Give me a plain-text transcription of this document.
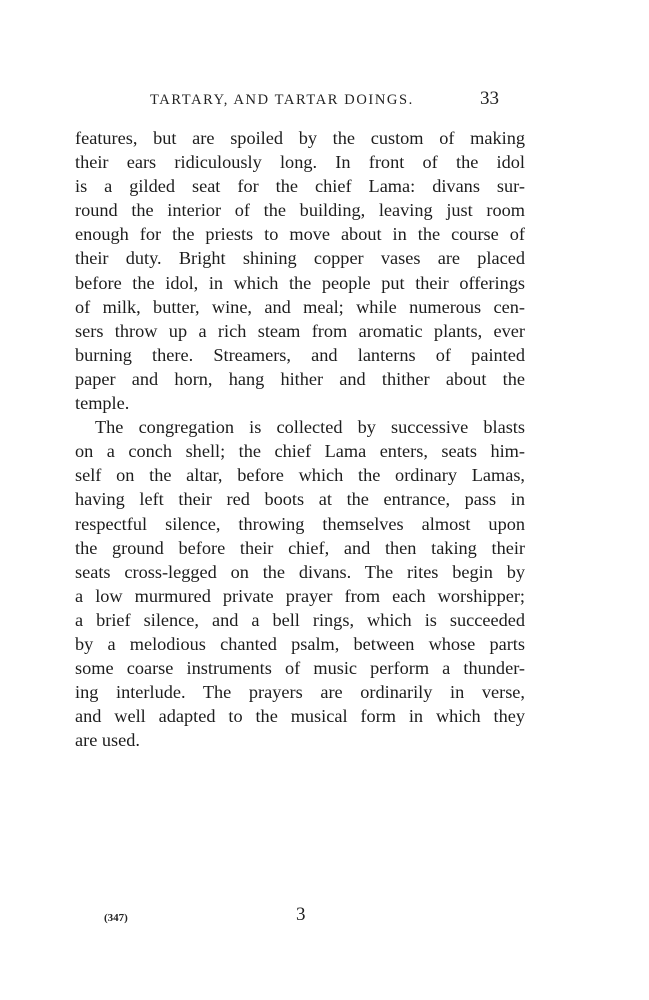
TARTARY, AND TARTAR DOINGS.	33
features, but are spoiled by the custom of making
their ears ridiculously long. In front of the idol
is a gilded seat for the chief Lama: divans sur-
round the interior of the building, leaving just room
enough for the priests to move about in the course of
their duty. Bright shining copper vases are placed
before the idol, in which the people put their offerings
of milk, butter, wine, and meal; while numerous cen-
sers throw up a rich steam from aromatic plants, ever
burning there. Streamers, and lanterns of painted
paper and horn, hang hither and thither about the
temple.
The congregation is collected by successive blasts
on a conch shell; the chief Lama enters, seats him-
self on the altar, before which the ordinary Lamas,
having left their red boots at the entrance, pass in
respectful silence, throwing themselves almost upon
the ground before their chief, and then taking their
seats cross-legged on the divans. The rites begin by
a low murmured private prayer from each worshipper;
a brief silence, and a bell rings, which is succeeded
by a melodious chanted psalm, between whose parts
some coarse instruments of music perform a thunder-
ing interlude. The prayers are ordinarily in verse,
and well adapted to the musical form in which they
are used.
(347)	3
